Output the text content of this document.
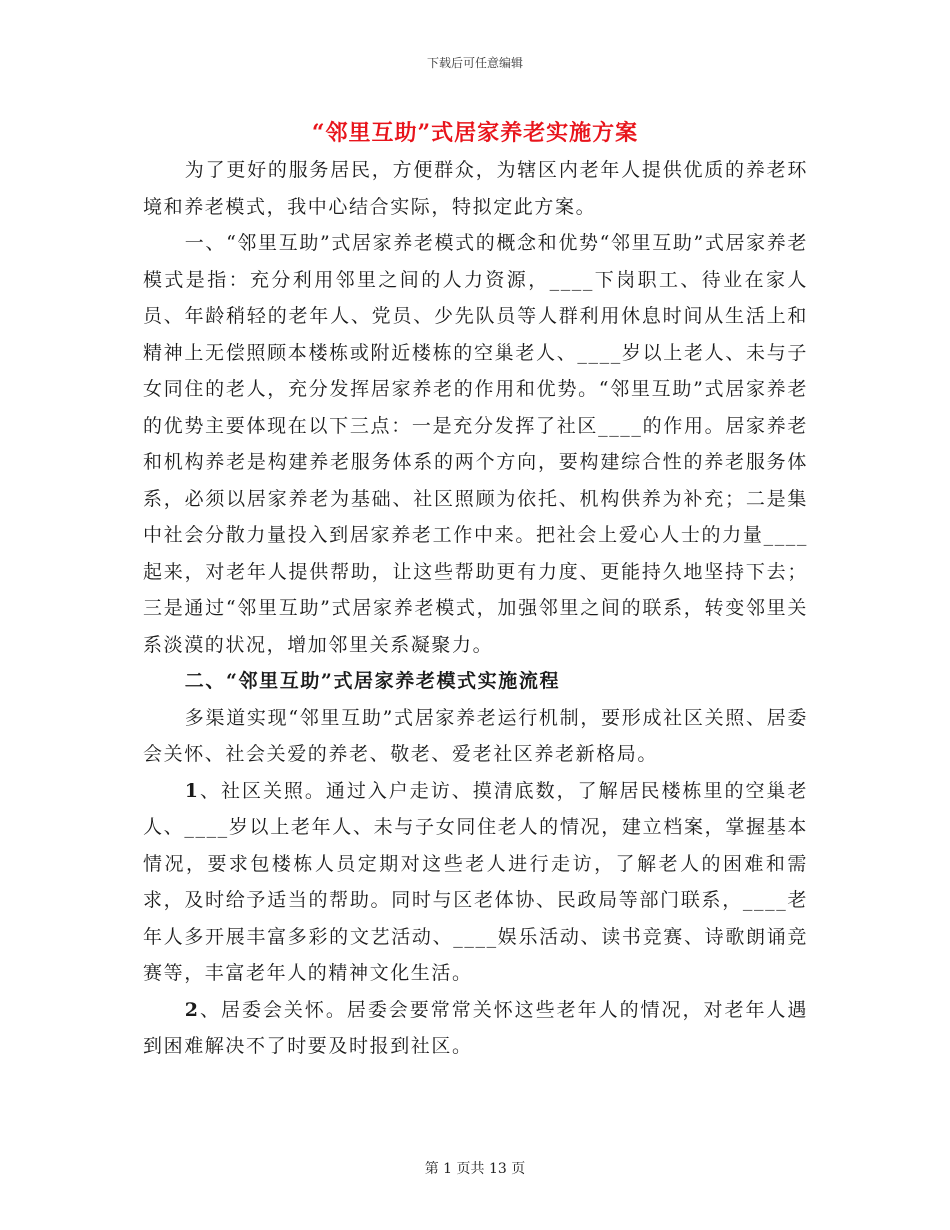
下载后可任意编辑
“邻里互助”式居家养老实施方案

为了更好的服务居民，方便群众，为辖区内老年人提供优质的养老环境和养老模式，我中心结合实际，特拟定此方案。

一、“邻里互助”式居家养老模式的概念和优势“邻里互助”式居家养老模式是指：充分利用邻里之间的人力资源，____下岗职工、待业在家人员、年龄稍轻的老年人、党员、少先队员等人群利用休息时间从生活上和精神上无偿照顾本楼栋或附近楼栋的空巢老人、____岁以上老人、未与子女同住的老人，充分发挥居家养老的作用和优势。“邻里互助”式居家养老的优势主要体现在以下三点：一是充分发挥了社区____的作用。居家养老和机构养老是构建养老服务体系的两个方向，要构建综合性的养老服务体系，必须以居家养老为基础、社区照顾为依托、机构供养为补充；二是集中社会分散力量投入到居家养老工作中来。把社会上爱心人士的力量____起来，对老年人提供帮助，让这些帮助更有力度、更能持久地坚持下去；三是通过“邻里互助”式居家养老模式，加强邻里之间的联系，转变邻里关系淡漠的状况，增加邻里关系凝聚力。

二、“邻里互助”式居家养老模式实施流程

多渠道实现“邻里互助”式居家养老运行机制，要形成社区关照、居委会关怀、社会关爱的养老、敬老、爱老社区养老新格局。

1、社区关照。通过入户走访、摸清底数，了解居民楼栋里的空巢老人、____岁以上老年人、未与子女同住老人的情况，建立档案，掌握基本情况，要求包楼栋人员定期对这些老人进行走访，了解老人的困难和需求，及时给予适当的帮助。同时与区老体协、民政局等部门联系，____老年人多开展丰富多彩的文艺活动、____娱乐活动、读书竞赛、诗歌朗诵竞赛等，丰富老年人的精神文化生活。

2、居委会关怀。居委会要常常关怀这些老年人的情况，对老年人遇到困难解决不了时要及时报到社区。

第 1 页共 13 页
